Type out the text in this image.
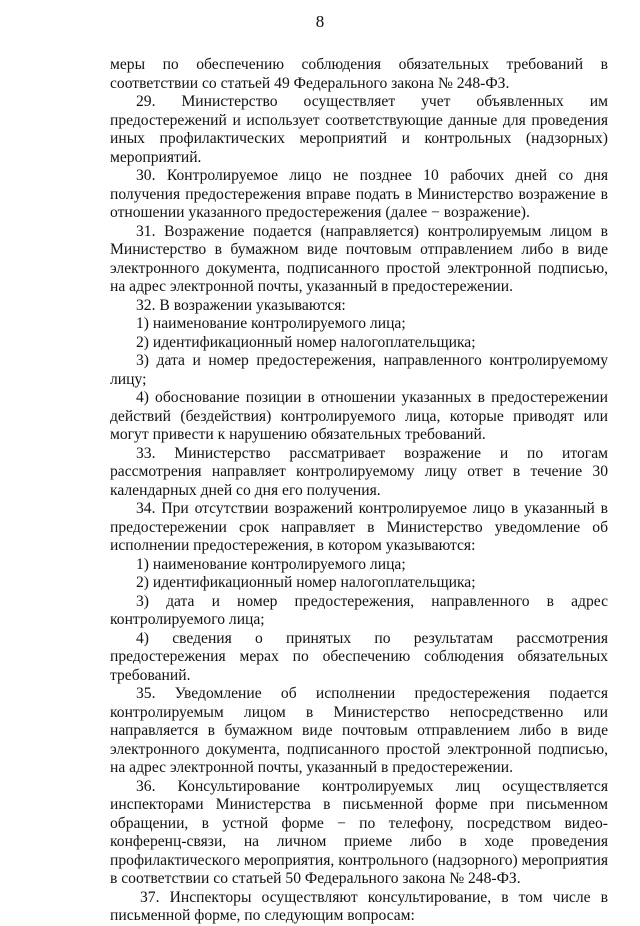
8

меры по обеспечению соблюдения обязательных требований в соответствии со статьей 49 Федерального закона № 248-ФЗ.

29. Министерство осуществляет учет объявленных им предостережений и использует соответствующие данные для проведения иных профилактических мероприятий и контрольных (надзорных) мероприятий.

30. Контролируемое лицо не позднее 10 рабочих дней со дня получения предостережения вправе подать в Министерство возражение в отношении указанного предостережения (далее − возражение).

31. Возражение подается (направляется) контролируемым лицом в Министерство в бумажном виде почтовым отправлением либо в виде электронного документа, подписанного простой электронной подписью, на адрес электронной почты, указанный в предостережении.

32. В возражении указываются:

1) наименование контролируемого лица;

2) идентификационный номер налогоплательщика;

3) дата и номер предостережения, направленного контролируемому лицу;

4) обоснование позиции в отношении указанных в предостережении действий (бездействия) контролируемого лица, которые приводят или могут привести к нарушению обязательных требований.

33. Министерство рассматривает возражение и по итогам рассмотрения направляет контролируемому лицу ответ в течение 30 календарных дней со дня его получения.

34. При отсутствии возражений контролируемое лицо в указанный в предостережении срок направляет в Министерство уведомление об исполнении предостережения, в котором указываются:

1) наименование контролируемого лица;

2) идентификационный номер налогоплательщика;

3) дата и номер предостережения, направленного в адрес контролируемого лица;

4) сведения о принятых по результатам рассмотрения предостережения мерах по обеспечению соблюдения обязательных требований.

35. Уведомление об исполнении предостережения подается контролируемым лицом в Министерство непосредственно или направляется в бумажном виде почтовым отправлением либо в виде электронного документа, подписанного простой электронной подписью, на адрес электронной почты, указанный в предостережении.

36. Консультирование контролируемых лиц осуществляется инспекторами Министерства в письменной форме при письменном обращении, в устной форме − по телефону, посредством видео-конференц-связи, на личном приеме либо в ходе проведения профилактического мероприятия, контрольного (надзорного) мероприятия в соответствии со статьей 50 Федерального закона № 248-ФЗ.

37. Инспекторы осуществляют консультирование, в том числе в письменной форме, по следующим вопросам:
